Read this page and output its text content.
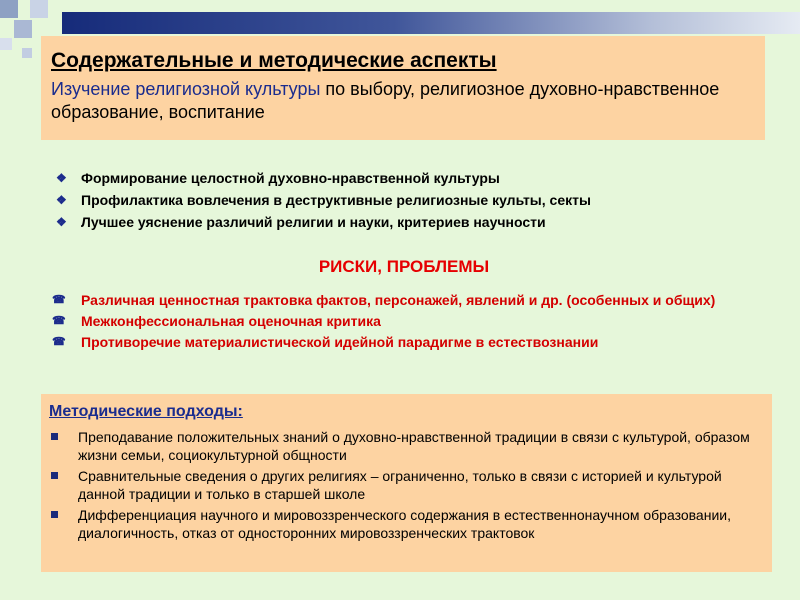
Содержательные и методические аспекты
Изучение религиозной культуры по выбору, религиозное духовно-нравственное образование, воспитание
❖ Формирование целостной духовно-нравственной культуры
❖ Профилактика вовлечения в деструктивные религиозные культы, секты
❖ Лучшее уяснение различий религии и науки, критериев научности
РИСКИ, ПРОБЛЕМЫ
☎ Различная ценностная трактовка фактов, персонажей, явлений и др. (особенных и общих)
☎ Межконфессиональная оценочная критика
☎ Противоречие материалистической идейной парадигме в естествознании
Методические подходы:
Преподавание положительных знаний о духовно-нравственной традиции в связи с культурой, образом жизни семьи, социокультурной общности
Сравнительные сведения о других религиях – ограниченно, только в связи с историей и культурой данной традиции и только в старшей школе
Дифференциация научного и мировоззренческого содержания в естественнонаучном образовании, диалогичность, отказ от односторонних мировоззренческих трактовок
